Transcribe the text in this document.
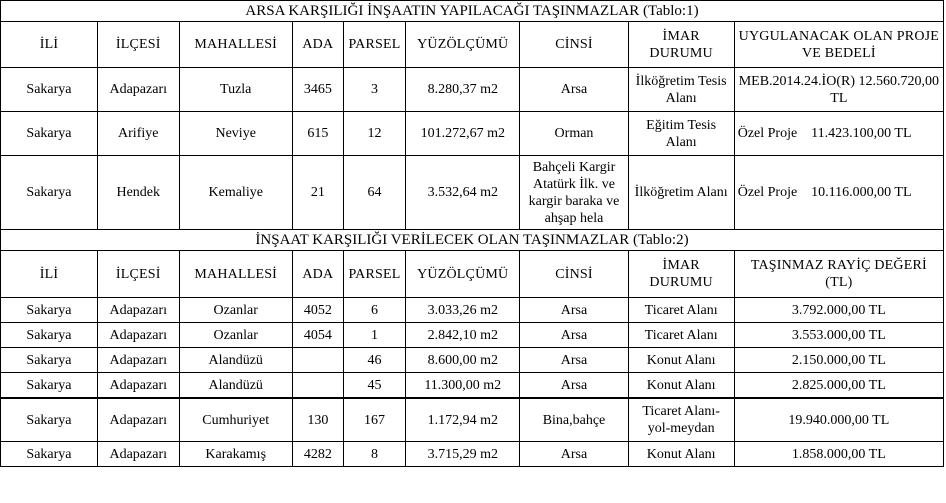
ARSA KARŞILIĞI İNŞAATIN YAPILACAĞI TAŞINMAZLAR (Tablo:1)								
İLİ	İLÇESİ	MAHALLESİ	ADA	PARSEL	YÜZÖLÇÜMÜ	CİNSİ	İMAR DURUMU	UYGULANACAK OLAN PROJE VE BEDELİ
Sakarya	Adapazarı	Tuzla	3465	3	8.280,37 m2	Arsa	İlköğretim Tesis Alanı	MEB.2014.24.İO(R) 12.560.720,00 TL

Sakarya	Arifiye	Neviye	615	12	101.272,67 m2	Orman	Eğitim Tesis Alanı	Özel Proje    11.423.100,00 TL
Sakarya	Hendek	Kemaliye	21	64	3.532,64 m2	Bahçeli Kargir Atatürk İlk. ve kargir baraka ve ahşap hela	İlköğretim Alanı	Özel Proje    10.116.000,00 TL
İNŞAAT KARŞILIĞI VERİLECEK OLAN TAŞINMAZLAR (Tablo:2)								
İLİ	İLÇESİ	MAHALLESİ	ADA	PARSEL	YÜZÖLÇÜMÜ	CİNSİ	İMAR DURUMU	TAŞINMAZ RAYİÇ DEĞERİ (TL)
Sakarya	Adapazarı	Ozanlar	4052	6	3.033,26 m2	Arsa	Ticaret Alanı	3.792.000,00 TL
Sakarya	Adapazarı	Ozanlar	4054	1	2.842,10 m2	Arsa	Ticaret Alanı	3.553.000,00 TL
Sakarya	Adapazarı	Alandüzü		46	8.600,00 m2	Arsa	Konut Alanı	2.150.000,00 TL
Sakarya	Adapazarı	Alandüzü		45	11.300,00 m2	Arsa	Konut Alanı	2.825.000,00 TL
Sakarya	Adapazarı	Cumhuriyet	130	167	1.172,94 m2	Bina,bahçe	Ticaret Alanı-yol-meydan	19.940.000,00 TL
Sakarya	Adapazarı	Karakamış	4282	8	3.715,29 m2	Arsa	Konut Alanı	1.858.000,00 TL
